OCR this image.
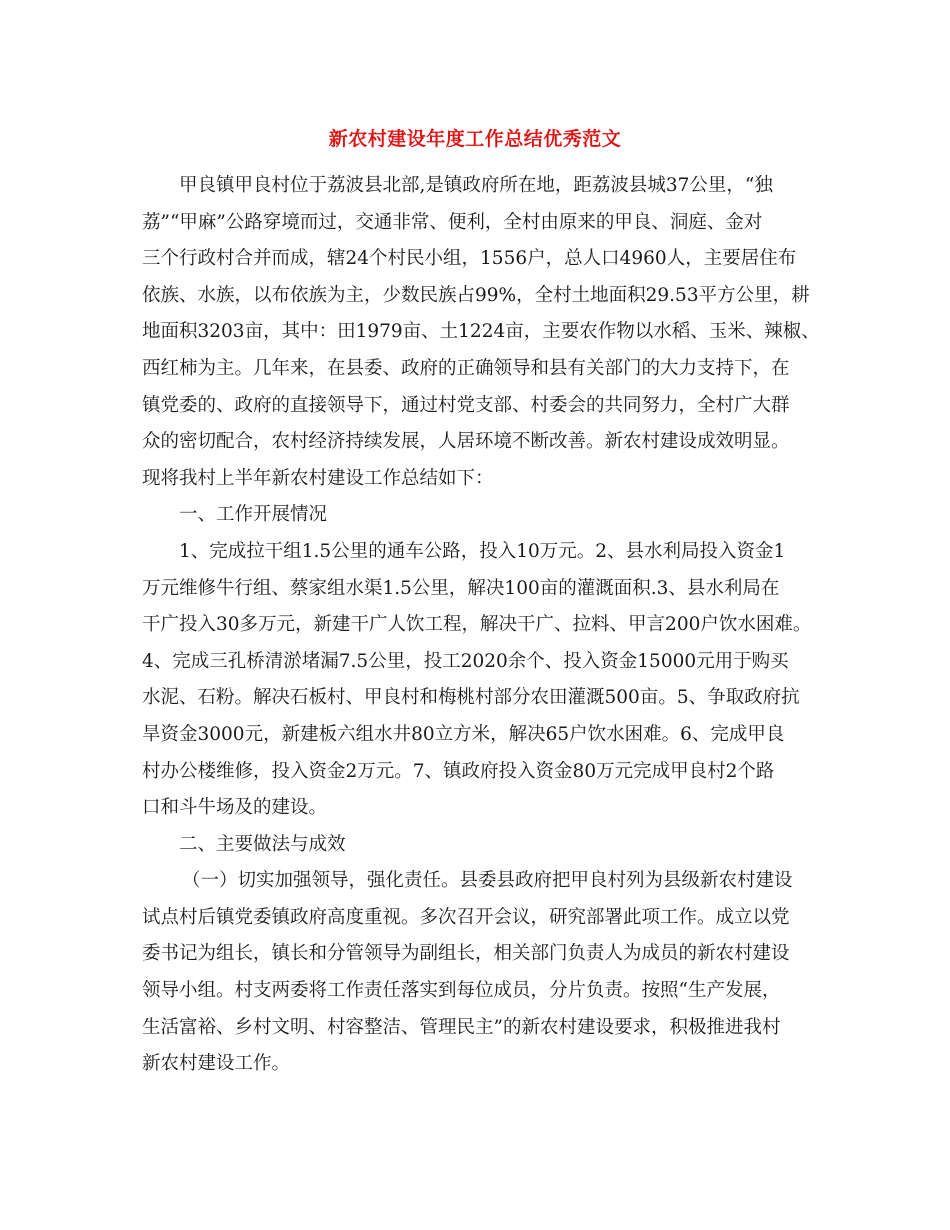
新农村建设年度工作总结优秀范文
甲良镇甲良村位于荔波县北部,是镇政府所在地，距荔波县城37公里，“独
荔”“甲麻”公路穿境而过，交通非常、便利，全村由原来的甲良、洞庭、金对
三个行政村合并而成，辖24个村民小组，1556户，总人口4960人，主要居住布
依族、水族，以布依族为主，少数民族占99%，全村土地面积29.53平方公里，耕
地面积3203亩，其中：田1979亩、土1224亩，主要农作物以水稻、玉米、辣椒、
西红柿为主。几年来，在县委、政府的正确领导和县有关部门的大力支持下，在
镇党委的、政府的直接领导下，通过村党支部、村委会的共同努力，全村广大群
众的密切配合，农村经济持续发展，人居环境不断改善。新农村建设成效明显。
现将我村上半年新农村建设工作总结如下：
一、工作开展情况
1、完成拉干组1.5公里的通车公路，投入10万元。2、县水利局投入资金1
万元维修牛行组、蔡家组水渠1.5公里，解决100亩的灌溉面积.3、县水利局在
干广投入30多万元，新建干广人饮工程，解决干广、拉料、甲言200户饮水困难。
4、完成三孔桥清淤堵漏7.5公里，投工2020余个、投入资金15000元用于购买
水泥、石粉。解决石板村、甲良村和梅桃村部分农田灌溉500亩。5、争取政府抗
旱资金3000元，新建板六组水井80立方米，解决65户饮水困难。6、完成甲良
村办公楼维修，投入资金2万元。7、镇政府投入资金80万元完成甲良村2个路
口和斗牛场及的建设。
二、主要做法与成效
（一）切实加强领导，强化责任。县委县政府把甲良村列为县级新农村建设
试点村后镇党委镇政府高度重视。多次召开会议，研究部署此项工作。成立以党
委书记为组长，镇长和分管领导为副组长，相关部门负责人为成员的新农村建设
领导小组。村支两委将工作责任落实到每位成员，分片负责。按照“生产发展，
生活富裕、乡村文明、村容整洁、管理民主”的新农村建设要求，积极推进我村
新农村建设工作。
